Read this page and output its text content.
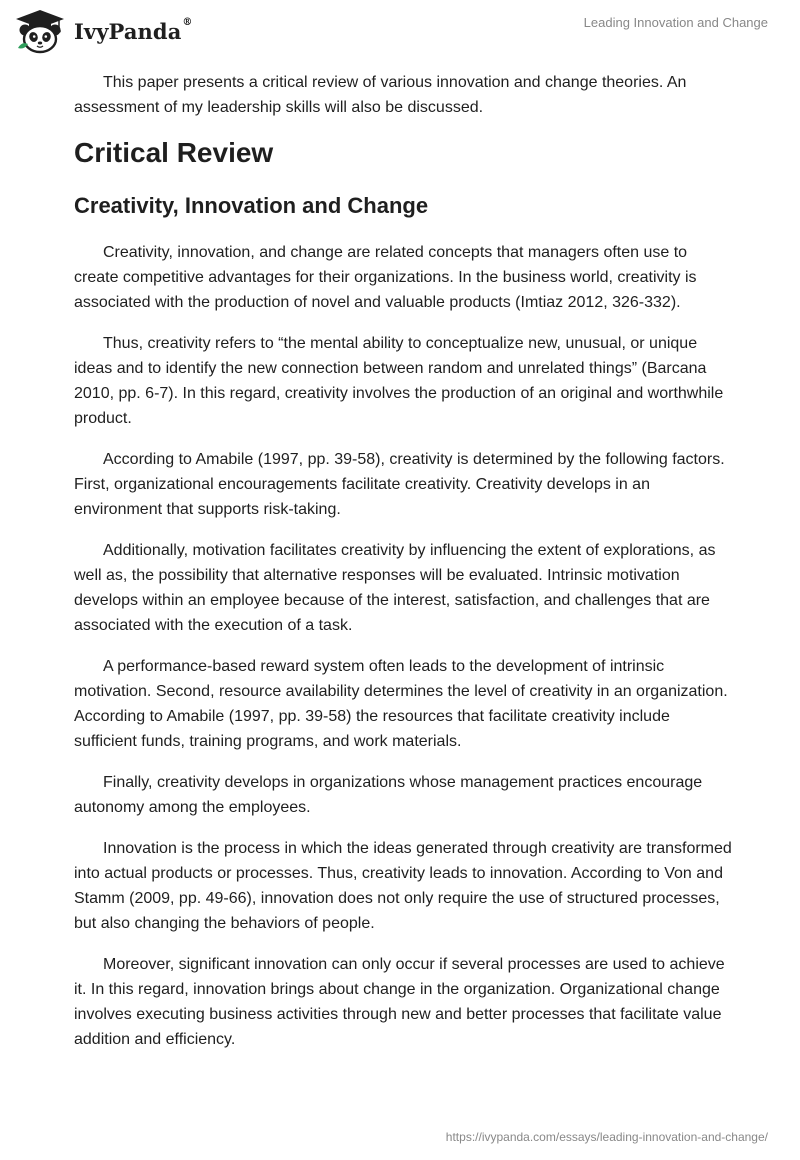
IvyPanda®	Leading Innovation and Change

This paper presents a critical review of various innovation and change theories. An assessment of my leadership skills will also be discussed.

Critical Review
Creativity, Innovation and Change

Creativity, innovation, and change are related concepts that managers often use to create competitive advantages for their organizations. In the business world, creativity is associated with the production of novel and valuable products (Imtiaz 2012, 326-332).

Thus, creativity refers to “the mental ability to conceptualize new, unusual, or unique ideas and to identify the new connection between random and unrelated things” (Barcana 2010, pp. 6-7). In this regard, creativity involves the production of an original and worthwhile product.

According to Amabile (1997, pp. 39-58), creativity is determined by the following factors. First, organizational encouragements facilitate creativity. Creativity develops in an environment that supports risk-taking.

Additionally, motivation facilitates creativity by influencing the extent of explorations, as well as, the possibility that alternative responses will be evaluated. Intrinsic motivation develops within an employee because of the interest, satisfaction, and challenges that are associated with the execution of a task.

A performance-based reward system often leads to the development of intrinsic motivation. Second, resource availability determines the level of creativity in an organization. According to Amabile (1997, pp. 39-58) the resources that facilitate creativity include sufficient funds, training programs, and work materials.

Finally, creativity develops in organizations whose management practices encourage autonomy among the employees.

Innovation is the process in which the ideas generated through creativity are transformed into actual products or processes. Thus, creativity leads to innovation. According to Von and Stamm (2009, pp. 49-66), innovation does not only require the use of structured processes, but also changing the behaviors of people.

Moreover, significant innovation can only occur if several processes are used to achieve it. In this regard, innovation brings about change in the organization. Organizational change involves executing business activities through new and better processes that facilitate value addition and efficiency.

https://ivypanda.com/essays/leading-innovation-and-change/
